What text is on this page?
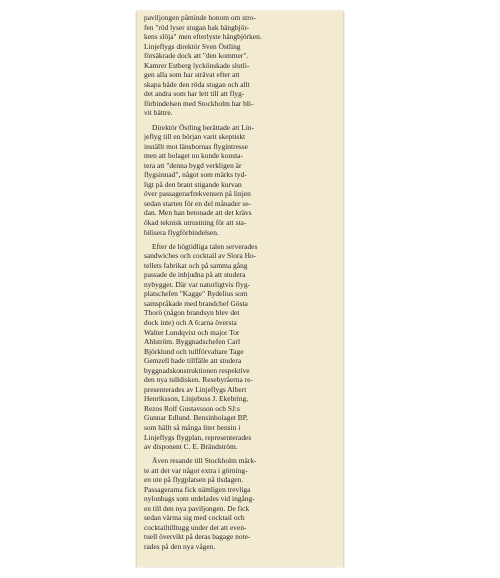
paviljongen påminde honom om stro-
fen "röd lyser stugan bak hängbjör-
kens slöja" men efterlyste hängbjörken.
Linjeflygs direktör Sven Östling
försäkrade dock att "den kommer".
Kamrer Estberg lyckönskade slutli-
gen alla som har strävat efter att
skapa både den röda stugan och allt
det andra som har lett till att flyg-
förbindelsen med Stockholm har bli-
vit bättre.
Direktör Östling berättade att Lin-
jeflyg till en början varit skeptiskt
inställt mot länsbornas flygintresse
men att bolaget nu kunde konsta-
tera att "denna bygd verkligen är
flygsinnad", något som märks tyd-
ligt på den brant stigande kurvan
över passagerarfrekvensen på linjen
sedan starten för en del månader se-
dan. Men han betonade att det krävs
ökad teknisk utrustning för att sta-
bilisera flygförbindelsen.
Efter de högtidliga talen serverades
sandwiches och cocktail av Sïora Ho-
tellets fabrikat och på samma gång
passade de inbjudna på att studera
nybygget. Där var naturligtvis flyg-
platschefen "Kagge" Rydelius som
samspråkade med brandchef Gösta
Thorö (någon brandsyn blev det
dock inte) och A 6:arna översta
Walter Lundqvist och major Tor
Ahlström. Byggnadschefen Carl
Björklund och tullförvaltare Tage
Gemzell hade tillfälle att studera
byggnadskonstruktionen respektive
den nya tulldisken. Resebyråerna re-
presenterades av Linjeflygs Albert
Henriksson, Linjebuss J. Ekebring,
Rezos Rolf Gustavsson och SJ:s
Gunnar Edlund. Bensinbolaget BP,
som hällt så många liter bensin i
Linjeflygs flygplan, representerades
av disponent C. E. Brändström.
Även resande till Stockholm märk-
te att det var något extra i görning-
en ute på flygplatsen på tisdagen.
Passagerarna fick nämligen trevliga
nylonbags som utdelades vid ingång-
en till den nya paviljongen. De fick
sedan värma sig med cocktail och
cocktailtilltugg under det att even-
tuell övervikt på deras bagage note-
rades på den nya vågen.
